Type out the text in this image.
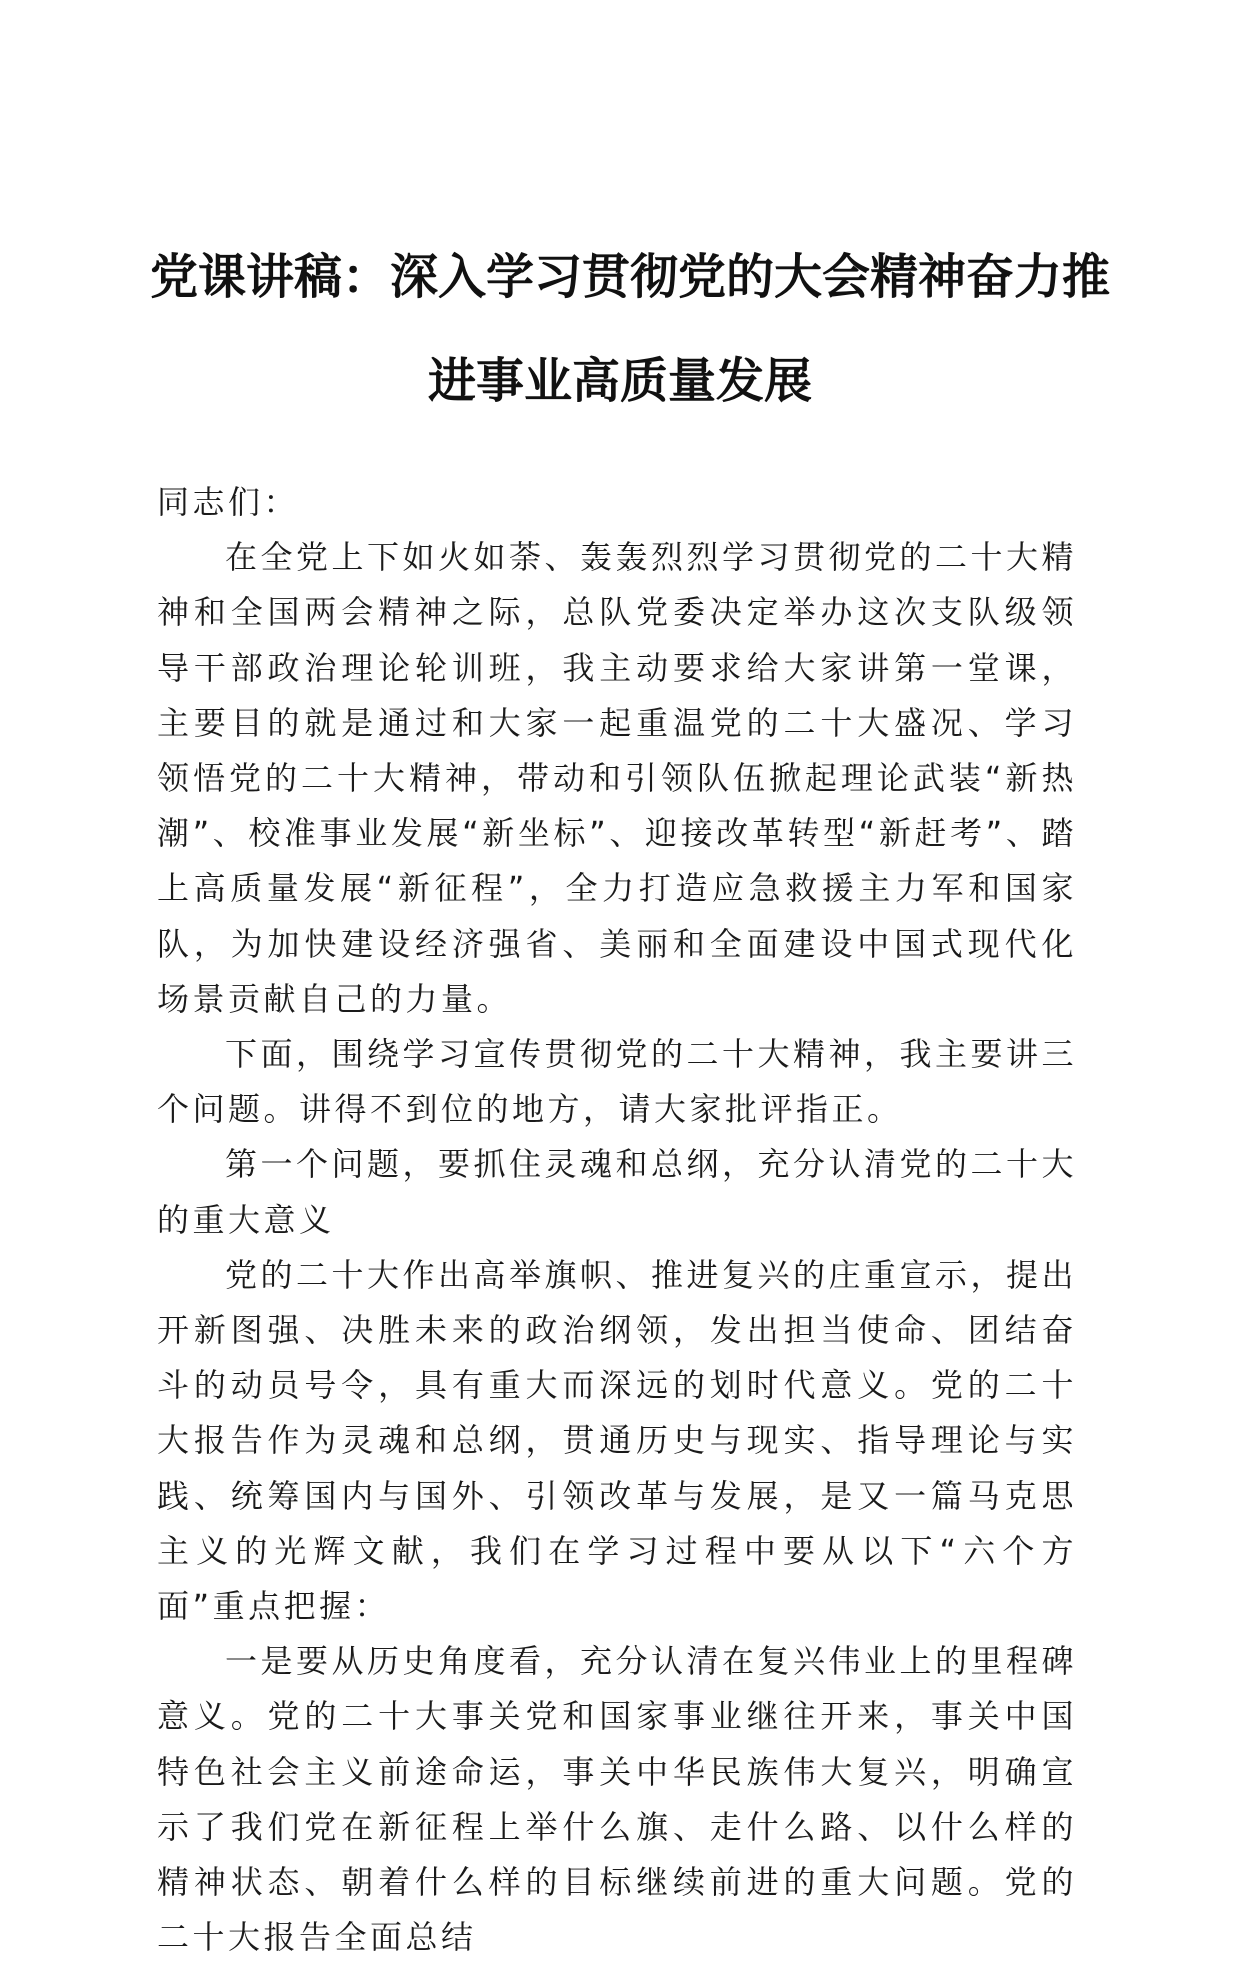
党课讲稿：深入学习贯彻党的大会精神奋力推
进事业高质量发展

同志们：

在全党上下如火如荼、轰轰烈烈学习贯彻党的二十大精神和全国两会精神之际，总队党委决定举办这次支队级领导干部政治理论轮训班，我主动要求给大家讲第一堂课，主要目的就是通过和大家一起重温党的二十大盛况、学习领悟党的二十大精神，带动和引领队伍掀起理论武装“新热潮”、校准事业发展“新坐标”、迎接改革转型“新赶考”、踏上高质量发展“新征程”，全力打造应急救援主力军和国家队，为加快建设经济强省、美丽和全面建设中国式现代化场景贡献自己的力量。

下面，围绕学习宣传贯彻党的二十大精神，我主要讲三个问题。讲得不到位的地方，请大家批评指正。

第一个问题，要抓住灵魂和总纲，充分认清党的二十大的重大意义

党的二十大作出高举旗帜、推进复兴的庄重宣示，提出开新图强、决胜未来的政治纲领，发出担当使命、团结奋斗的动员号令，具有重大而深远的划时代意义。党的二十大报告作为灵魂和总纲，贯通历史与现实、指导理论与实践、统筹国内与国外、引领改革与发展，是又一篇马克思主义的光辉文献，我们在学习过程中要从以下“六个方面”重点把握：

一是要从历史角度看，充分认清在复兴伟业上的里程碑意义。党的二十大事关党和国家事业继往开来，事关中国特色社会主义前途命运，事关中华民族伟大复兴，明确宣示了我们党在新征程上举什么旗、走什么路、以什么样的精神状态、朝着什么样的目标继续前进的重大问题。党的二十大报告全面总结
